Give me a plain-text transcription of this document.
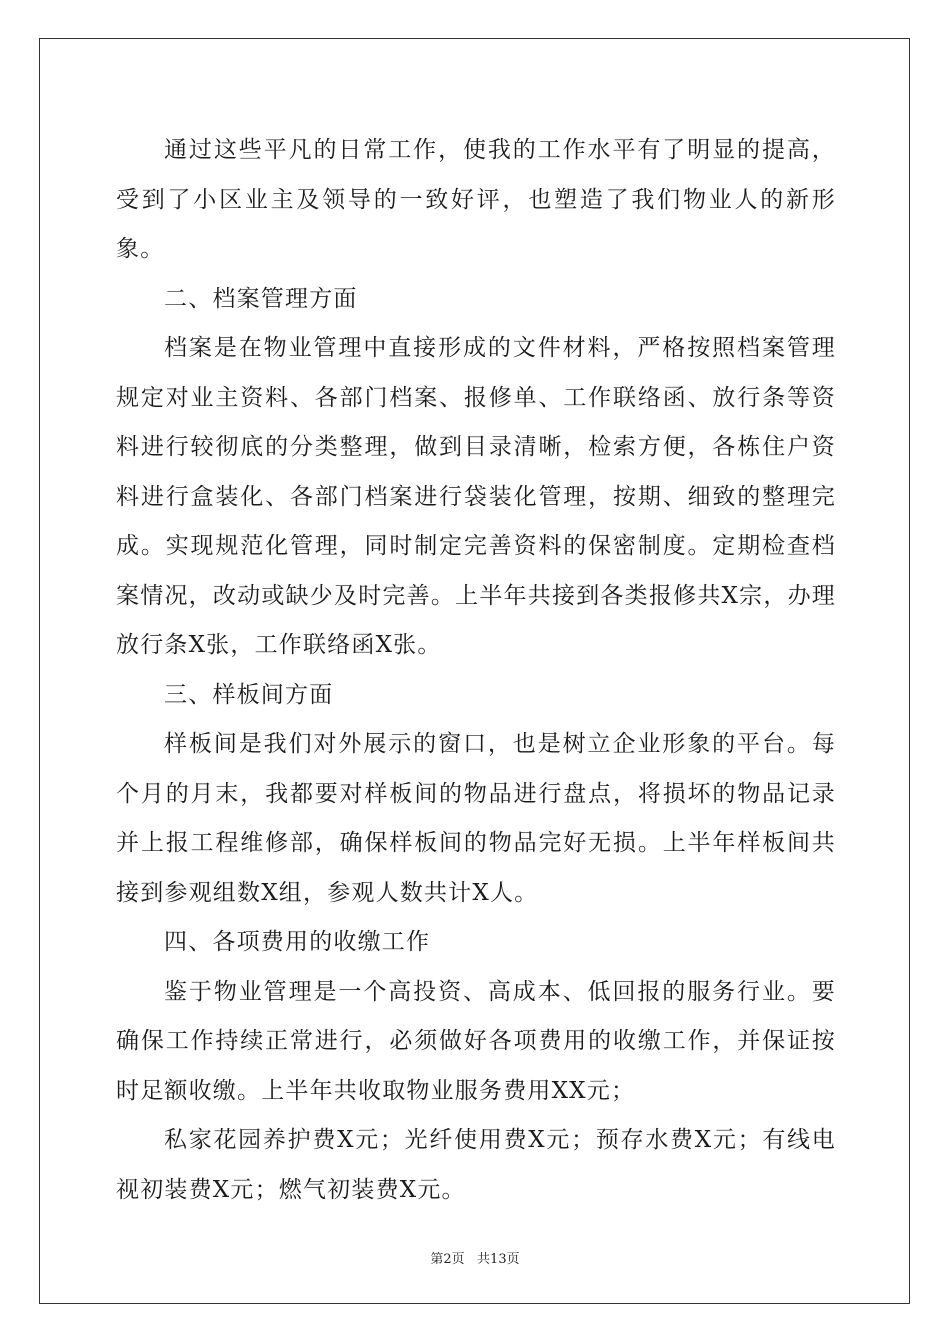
通过这些平凡的日常工作，使我的工作水平有了明显的提高，受到了小区业主及领导的一致好评，也塑造了我们物业人的新形象。

二、档案管理方面

档案是在物业管理中直接形成的文件材料，严格按照档案管理规定对业主资料、各部门档案、报修单、工作联络函、放行条等资料进行较彻底的分类整理，做到目录清晰，检索方便，各栋住户资料进行盒装化、各部门档案进行袋装化管理，按期、细致的整理完成。实现规范化管理，同时制定完善资料的保密制度。定期检查档案情况，改动或缺少及时完善。上半年共接到各类报修共X宗，办理放行条X张，工作联络函X张。

三、样板间方面

样板间是我们对外展示的窗口，也是树立企业形象的平台。每个月的月末，我都要对样板间的物品进行盘点，将损坏的物品记录并上报工程维修部，确保样板间的物品完好无损。上半年样板间共接到参观组数X组，参观人数共计X人。

四、各项费用的收缴工作

鉴于物业管理是一个高投资、高成本、低回报的服务行业。要确保工作持续正常进行，必须做好各项费用的收缴工作，并保证按时足额收缴。上半年共收取物业服务费用XX元；

私家花园养护费X元；光纤使用费X元；预存水费X元；有线电视初装费X元；燃气初装费X元。

第2页   共13页
